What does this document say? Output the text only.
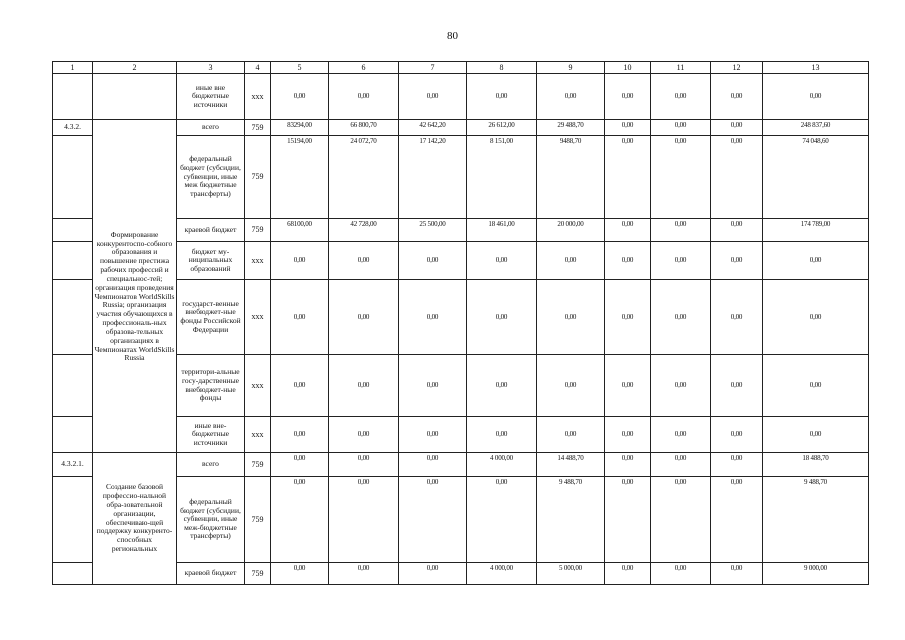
80
1	2	3	4	5	6	7	8	9	10	11	12	13
		иные вне бюджетные источники	ххх	0,00	0,00	0,00	0,00	0,00	0,00	0,00	0,00	0,00
4.3.2.	Формирование конкурентоспо-собного образования и повышение престижа рабочих профессий и специальнос-тей; организация проведения Чемпионатов WorldSkills Russia; организация участия обучающихся в профессиональ-ных образова-тельных организациях в Чемпионатах WorldSkills Russia	всего	759	83294,00	66 800,70	42 642,20	26 612,00	29 488,70	0,00	0,00	0,00	248 837,60
		федеральный бюджет (субсидии, субвенции, иные меж бюджетные трансферты)	759	15194,00	24 072,70	17 142,20	8 151,00	9488,70	0,00	0,00	0,00	74 048,60
		краевой бюджет	759	68100,00	42 728,00	25 500,00	18 461,00	20 000,00	0,00	0,00	0,00	174 789,00
		бюджет му-ниципальных образований	ххх	0,00	0,00	0,00	0,00	0,00	0,00	0,00	0,00	0,00
		государст-венные внебюджет-ные фонды Российской Федерации	ххх	0,00	0,00	0,00	0,00	0,00	0,00	0,00	0,00	0,00
		территори-альные госу-дарственные внебюджет-ные фонды	ххх	0,00	0,00	0,00	0,00	0,00	0,00	0,00	0,00	0,00
		иные вне-бюджетные источники	ххх	0,00	0,00	0,00	0,00	0,00	0,00	0,00	0,00	0,00
4.3.2.1.	Создание базовой профессио-нальной обра-зовательной организации, обеспечиваю-щей поддержку конкуренто-способных региональных	всего	759	0,00	0,00	0,00	4 000,00	14 488,70	0,00	0,00	0,00	18 488,70
		федеральный бюджет (субсидии, субвенции, иные меж-бюджетные трансферты)	759	0,00	0,00	0,00	0,00	9 488,70	0,00	0,00	0,00	9 488,70
		краевой бюджет	759	0,00	0,00	0,00	4 000,00	5 000,00	0,00	0,00	0,00	9 000,00
